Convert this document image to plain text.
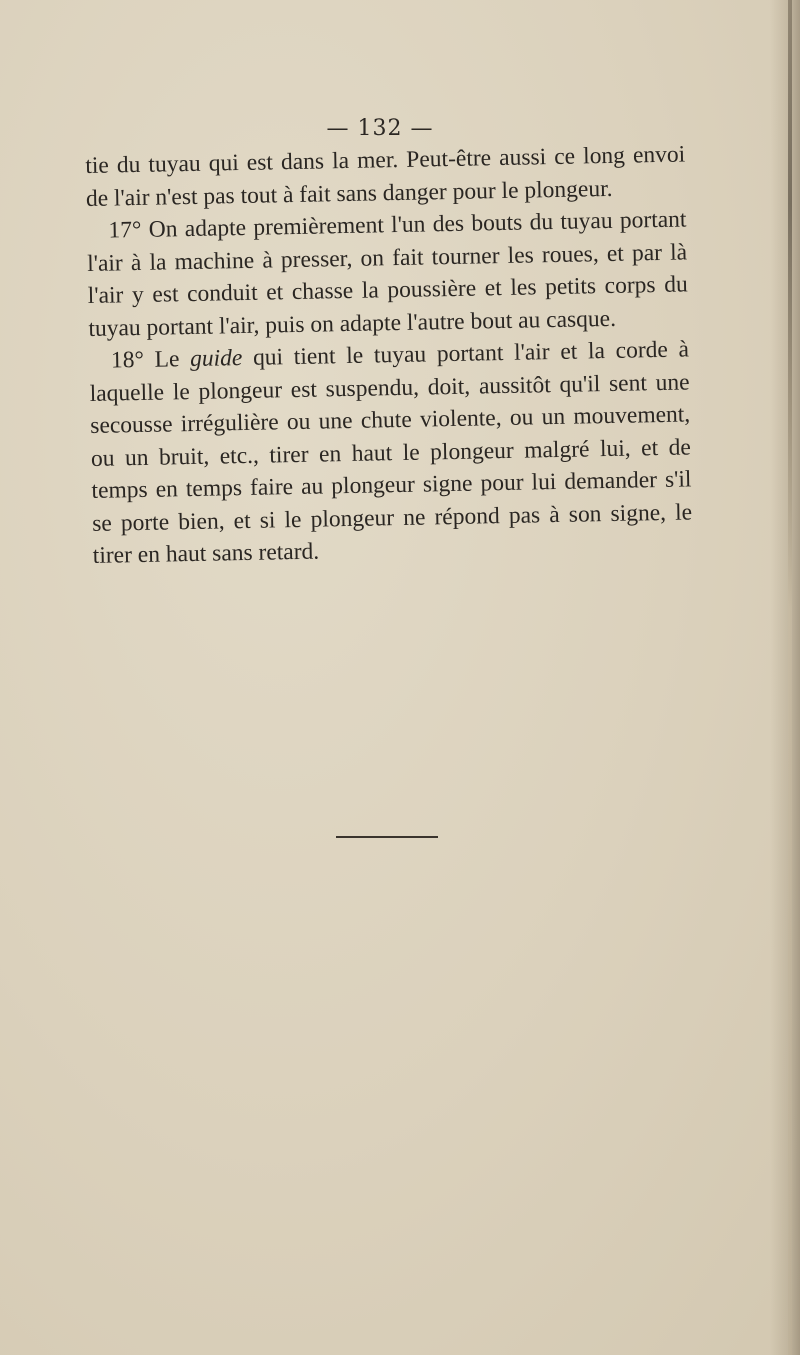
— 132 —

tie du tuyau qui est dans la mer. Peut-être aussi ce long envoi de l'air n'est pas tout à fait sans danger pour le plongeur.

17° On adapte premièrement l'un des bouts du tuyau portant l'air à la machine à presser, on fait tourner les roues, et par là l'air y est conduit et chasse la poussière et les petits corps du tuyau portant l'air, puis on adapte l'autre bout au casque.

18° Le guide qui tient le tuyau portant l'air et la corde à laquelle le plongeur est suspendu, doit, aussitôt qu'il sent une secousse irrégulière ou une chute violente, ou un mouvement, ou un bruit, etc., tirer en haut le plongeur malgré lui, et de temps en temps faire au plongeur signe pour lui demander s'il se porte bien, et si le plongeur ne répond pas à son signe, le tirer en haut sans retard.
